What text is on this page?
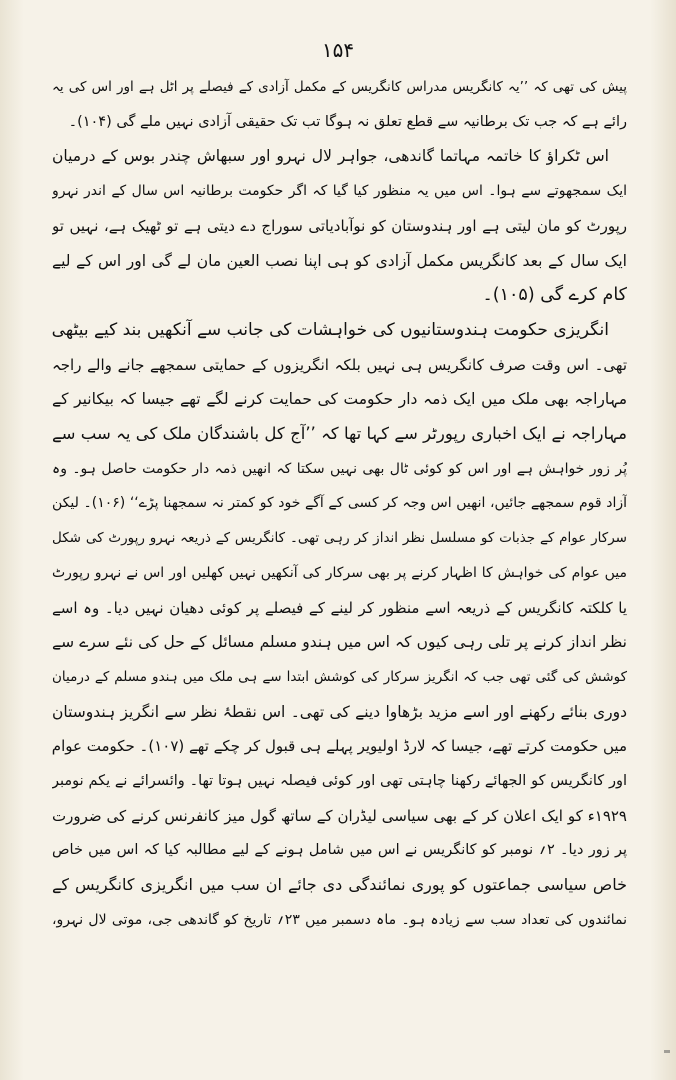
۱۵۴

پیش کی تھی کہ ’’یہ کانگریس مدراس کانگریس کے مکمل آزادی کے فیصلے پر اٹل ہے اور اس کی یہ
رائے ہے کہ جب تک برطانیہ سے قطع تعلق نہ ہوگا تب تک حقیقی آزادی نہیں ملے گی (۱۰۴)۔

اس ٹکراؤ کا خاتمہ مہاتما گاندھی، جواہر لال نہرو اور سبھاش چندر بوس کے درمیان
ایک سمجھوتے سے ہوا۔ اس میں یہ منظور کیا گیا کہ اگر حکومت برطانیہ اس سال کے اندر نہرو
رپورٹ کو مان لیتی ہے اور ہندوستان کو نوآبادیاتی سوراج دے دیتی ہے تو ٹھیک ہے، نہیں تو
ایک سال کے بعد کانگریس مکمل آزادی کو ہی اپنا نصب العین مان لے گی اور اس کے لیے
کام کرے گی (۱۰۵)۔

انگریزی حکومت ہندوستانیوں کی خواہشات کی جانب سے آنکھیں بند کیے بیٹھی
تھی۔ اس وقت صرف کانگریس ہی نہیں بلکہ انگریزوں کے حمایتی سمجھے جانے والے راجہ
مہاراجہ بھی ملک میں ایک ذمہ دار حکومت کی حمایت کرنے لگے تھے جیسا کہ بیکانیر کے
مہاراجہ نے ایک اخباری رپورٹر سے کہا تھا کہ ’’آج کل باشندگان ملک کی یہ سب سے
پُر زور خواہش ہے اور اس کو کوئی ٹال بھی نہیں سکتا کہ انھیں ذمہ دار حکومت حاصل ہو۔ وہ
آزاد قوم سمجھے جائیں، انھیں اس وجہ کر کسی کے آگے خود کو کمتر نہ سمجھنا پڑے‘‘ (۱۰۶)۔ لیکن
سرکار عوام کے جذبات کو مسلسل نظر انداز کر رہی تھی۔ کانگریس کے ذریعہ نہرو رپورٹ کی شکل
میں عوام کی خواہش کا اظہار کرنے پر بھی سرکار کی آنکھیں نہیں کھلیں اور اس نے نہرو رپورٹ
یا کلکتہ کانگریس کے ذریعہ اسے منظور کر لینے کے فیصلے پر کوئی دھیان نہیں دیا۔ وہ اسے
نظر انداز کرنے پر تلی رہی کیوں کہ اس میں ہندو مسلم مسائل کے حل کی نئے سرے سے
کوشش کی گئی تھی جب کہ انگریز سرکار کی کوشش ابتدا سے ہی ملک میں ہندو مسلم کے درمیان
دوری بنائے رکھنے اور اسے مزید بڑھاوا دینے کی تھی۔ اس نقطۂ نظر سے انگریز ہندوستان
میں حکومت کرتے تھے، جیسا کہ لارڈ اولیویر پہلے ہی قبول کر چکے تھے (۱۰۷)۔ حکومت عوام
اور کانگریس کو الجھائے رکھنا چاہتی تھی اور کوئی فیصلہ نہیں ہوتا تھا۔ وائسرائے نے یکم نومبر
۱۹۲۹ء کو ایک اعلان کر کے بھی سیاسی لیڈران کے ساتھ گول میز کانفرنس کرنے کی ضرورت
پر زور دیا۔ ۲؍ نومبر کو کانگریس نے اس میں شامل ہونے کے لیے مطالبہ کیا کہ اس میں خاص
خاص سیاسی جماعتوں کو پوری نمائندگی دی جائے ان سب میں انگریزی کانگریس کے
نمائندوں کی تعداد سب سے زیادہ ہو۔ ماہ دسمبر میں ۲۳؍ تاریخ کو گاندھی جی، موتی لال نہرو،
